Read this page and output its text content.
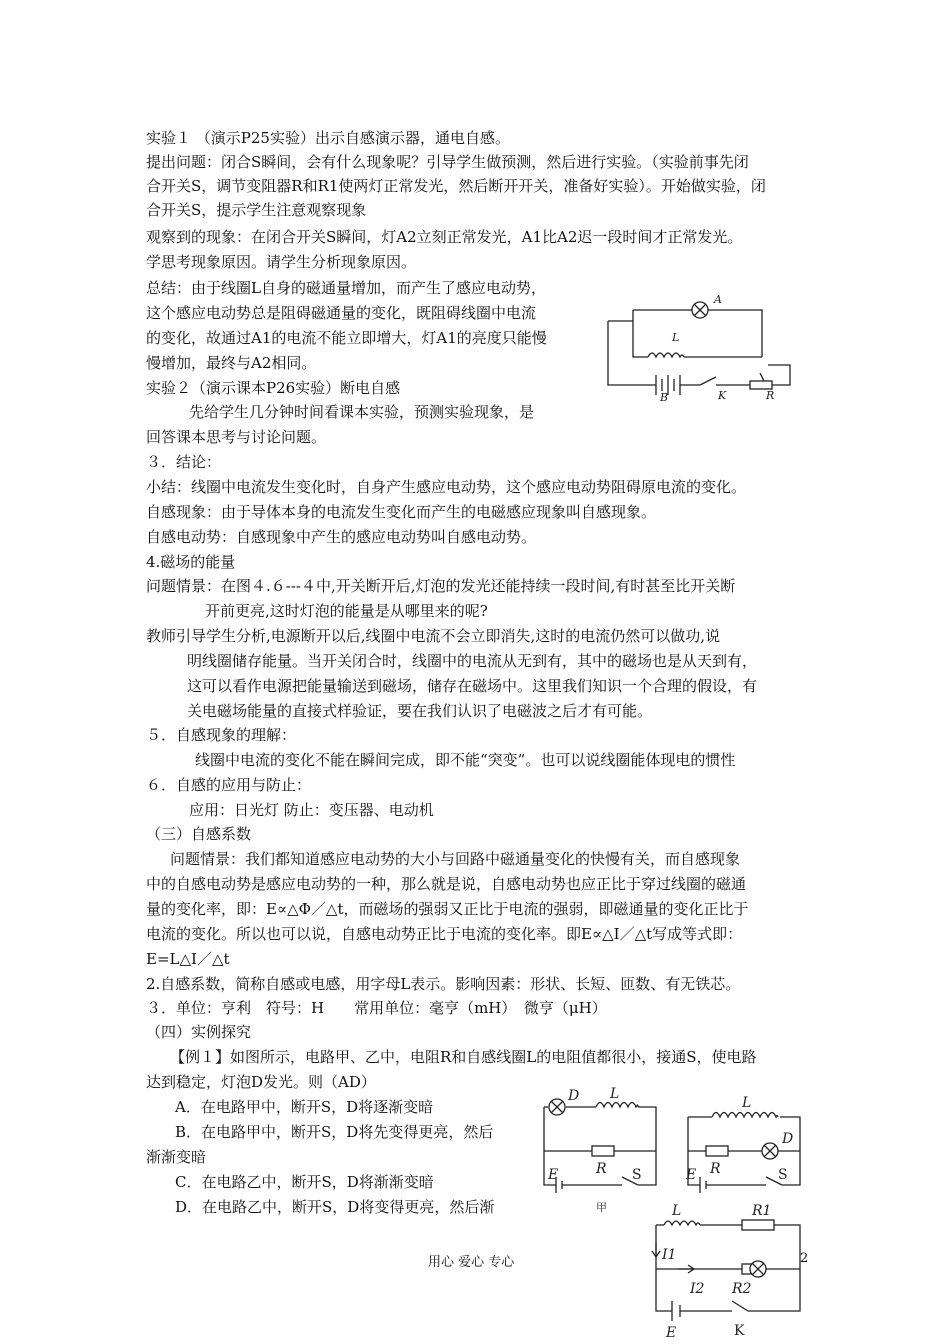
实验１ （演示P25实验）出示自感演示器，通电自感。
提出问题：闭合S瞬间，会有什么现象呢？引导学生做预测，然后进行实验。（实验前事先闭
合开关S，调节变阻器R和R1使两灯正常发光，然后断开开关，准备好实验）。开始做实验，闭
合开关S，提示学生注意观察现象
观察到的现象：在闭合开关S瞬间，灯A2立刻正常发光，A1比A2迟一段时间才正常发光。
学思考现象原因。请学生分析现象原因。
总结：由于线圈L自身的磁通量增加，而产生了感应电动势，
这个感应电动势总是阻碍磁通量的变化，既阻碍线圈中电流
的变化，故通过A1的电流不能立即增大，灯A1的亮度只能慢
慢增加，最终与A2相同。
实验２（演示课本P26实验）断电自感
先给学生几分钟时间看课本实验，预测实验现象，是
回答课本思考与讨论问题。
３．结论：
小结：线圈中电流发生变化时，自身产生感应电动势，这个感应电动势阻碍原电流的变化。
自感现象：由于导体本身的电流发生变化而产生的电磁感应现象叫自感现象。
自感电动势：自感现象中产生的感应电动势叫自感电动势。
4.磁场的能量
问题情景：在图４.６---４中,开关断开后,灯泡的发光还能持续一段时间,有时甚至比开关断
开前更亮,这时灯泡的能量是从哪里来的呢?
教师引导学生分析,电源断开以后,线圈中电流不会立即消失,这时的电流仍然可以做功,说
明线圈储存能量。当开关闭合时，线圈中的电流从无到有，其中的磁场也是从天到有，
这可以看作电源把能量输送到磁场，储存在磁场中。这里我们知识一个合理的假设，有
关电磁场能量的直接式样验证，要在我们认识了电磁波之后才有可能。
５．自感现象的理解：
线圈中电流的变化不能在瞬间完成，即不能“突变”。也可以说线圈能体现电的惯性
６．自感的应用与防止：
应用：日光灯 防止：变压器、电动机
（三）自感系数
问题情景：我们都知道感应电动势的大小与回路中磁通量变化的快慢有关，而自感现象
中的自感电动势是感应电动势的一种，那么就是说，自感电动势也应正比于穿过线圈的磁通
量的变化率，即：E∝△Φ／△t，而磁场的强弱又正比于电流的强弱，即磁通量的变化正比于
电流的变化。所以也可以说，自感电动势正比于电流的变化率。即E∝△I／△t写成等式即：
E=L△I／△t
2.自感系数，简称自感或电感，用字母L表示。影响因素：形状、长短、匝数、有无铁芯。
３．单位：亨利　符号：H　　常用单位：毫亨（mH）　微亨（μH）
（四）实例探究
【例１】如图所示，电路甲、乙中，电阻R和自感线圈L的电阻值都很小，接通S，使电路
达到稳定，灯泡D发光。则（AD）
A．在电路甲中，断开S，D将逐渐变暗
B．在电路甲中，断开S，D将先变得更亮，然后
渐渐变暗
C．在电路乙中，断开S，D将渐渐变暗
D．在电路乙中，断开S，D将变得更亮，然后渐
A
L
B	K	R
D L
R
E	S
甲
L
D
R
E	S
L	R1
I1
I2 R2
E	K
用心 爱心 专心	2
